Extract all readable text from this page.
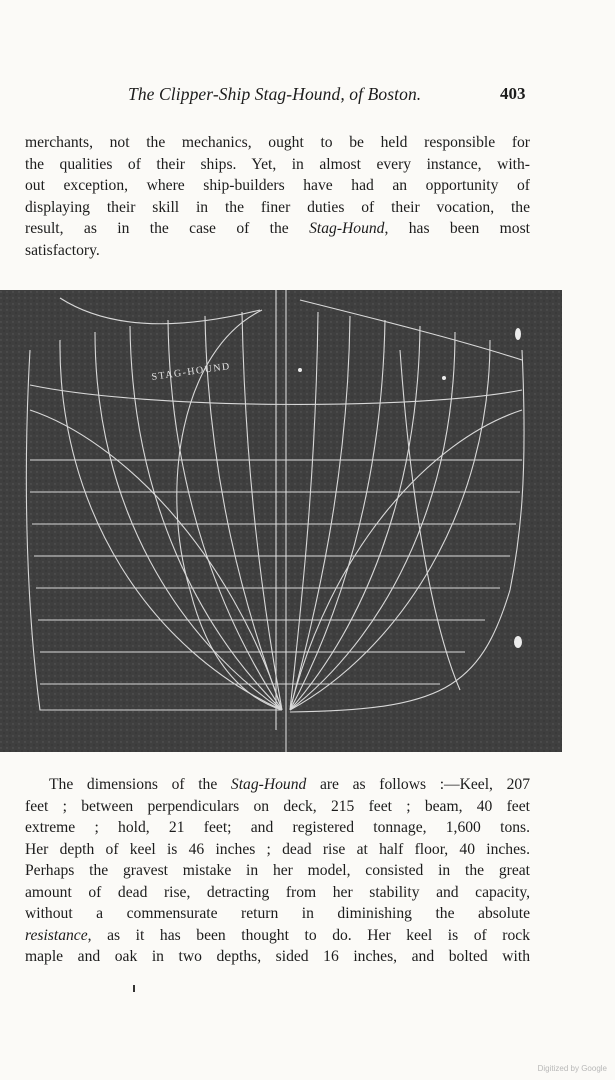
The Clipper-Ship Stag-Hound, of Boston.	403
merchants, not the mechanics, ought to be held responsible for
the qualities of their ships. Yet, in almost every instance, with-
out exception, where ship-builders have had an opportunity of
displaying their skill in the finer duties of their vocation, the
result, as in the case of the Stag-Hound, has been most
satisfactory.
STAG-HOUND
The dimensions of the Stag-Hound are as follows :—Keel, 207
feet ; between perpendiculars on deck, 215 feet ; beam, 40 feet
extreme ; hold, 21 feet; and registered tonnage, 1,600 tons.
Her depth of keel is 46 inches ; dead rise at half floor, 40 inches.
Perhaps the gravest mistake in her model, consisted in the great
amount of dead rise, detracting from her stability and capacity,
without a commensurate return in diminishing the absolute
resistance, as it has been thought to do. Her keel is of rock
maple and oak in two depths, sided 16 inches, and bolted with
Digitized by Google
